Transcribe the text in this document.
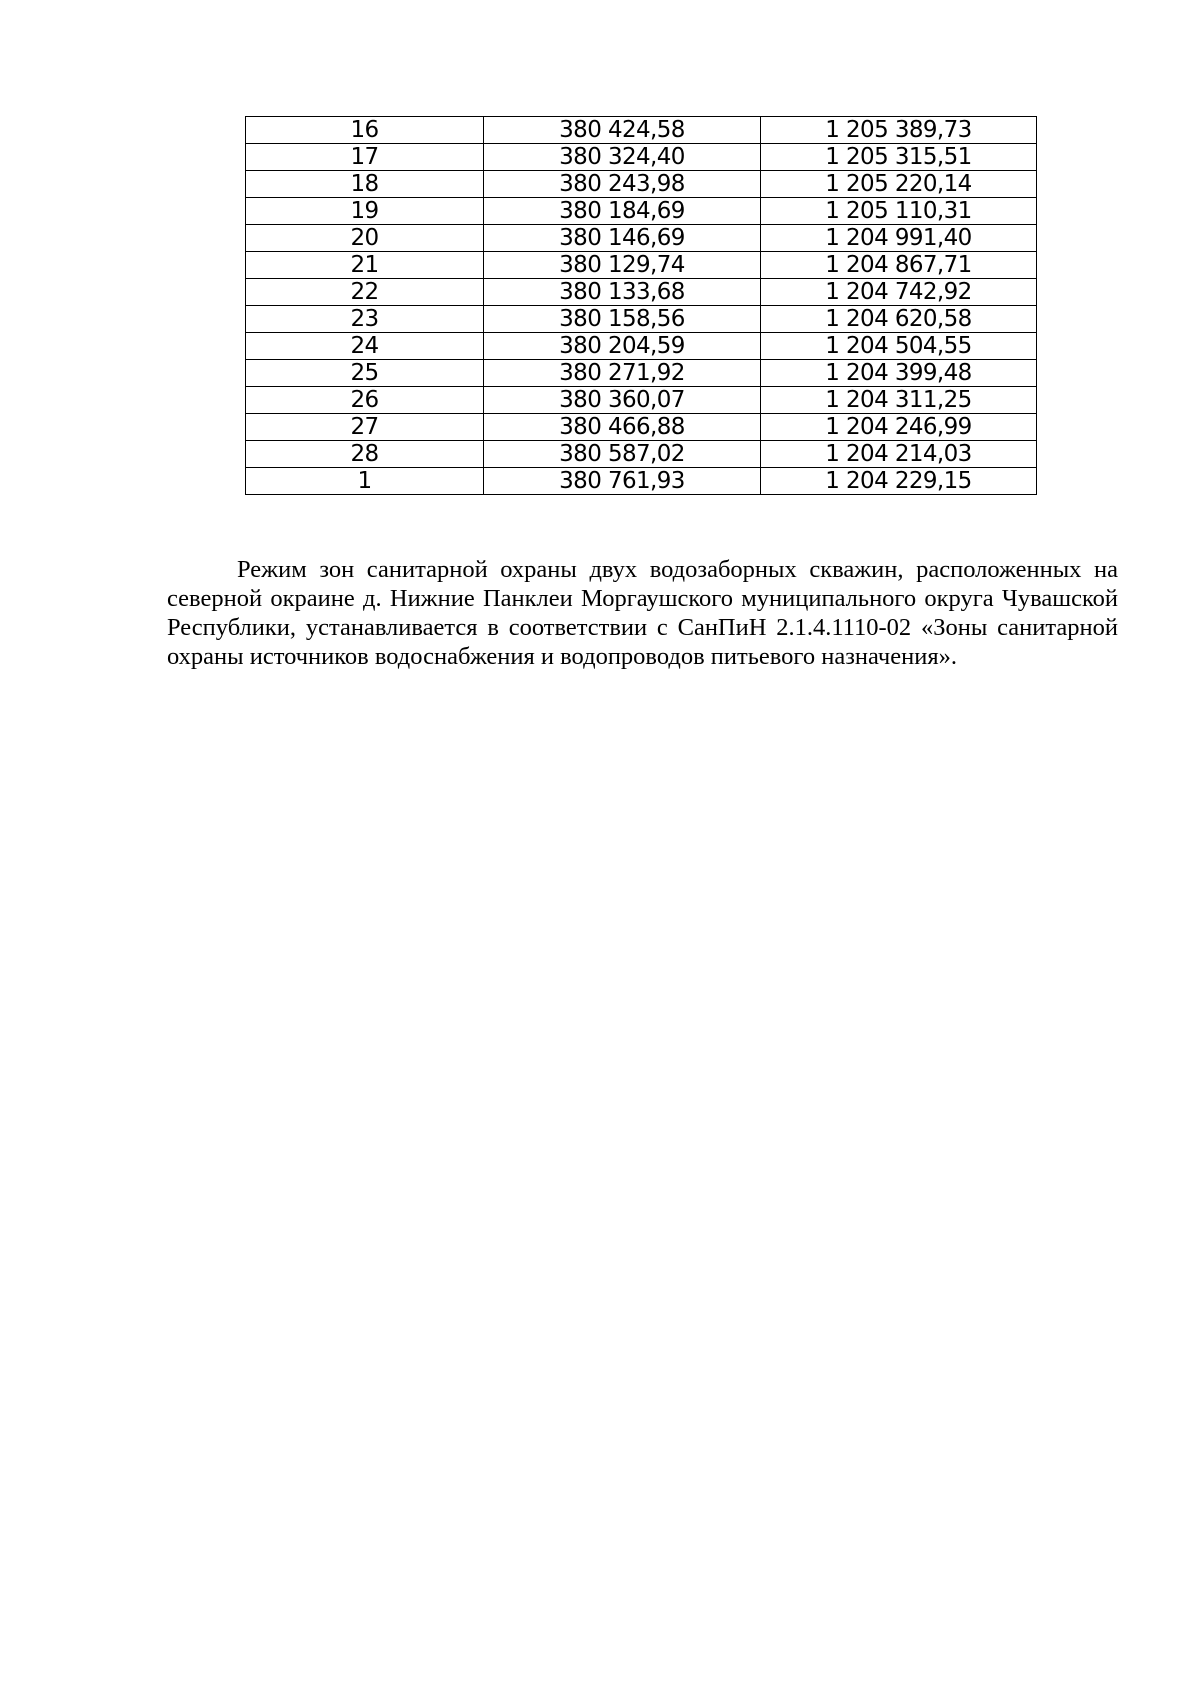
16	380 424,58	1 205 389,73
17	380 324,40	1 205 315,51
18	380 243,98	1 205 220,14
19	380 184,69	1 205 110,31
20	380 146,69	1 204 991,40
21	380 129,74	1 204 867,71
22	380 133,68	1 204 742,92
23	380 158,56	1 204 620,58
24	380 204,59	1 204 504,55
25	380 271,92	1 204 399,48
26	380 360,07	1 204 311,25
27	380 466,88	1 204 246,99
28	380 587,02	1 204 214,03
1	380 761,93	1 204 229,15

Режим зон санитарной охраны двух водозаборных скважин, расположенных на северной окраине д. Нижние Панклеи Моргаушского муниципального округа Чувашской Республики, устанавливается в соответствии с СанПиН 2.1.4.1110-02 «Зоны санитарной охраны источников водоснабжения и водопроводов питьевого назначения».
